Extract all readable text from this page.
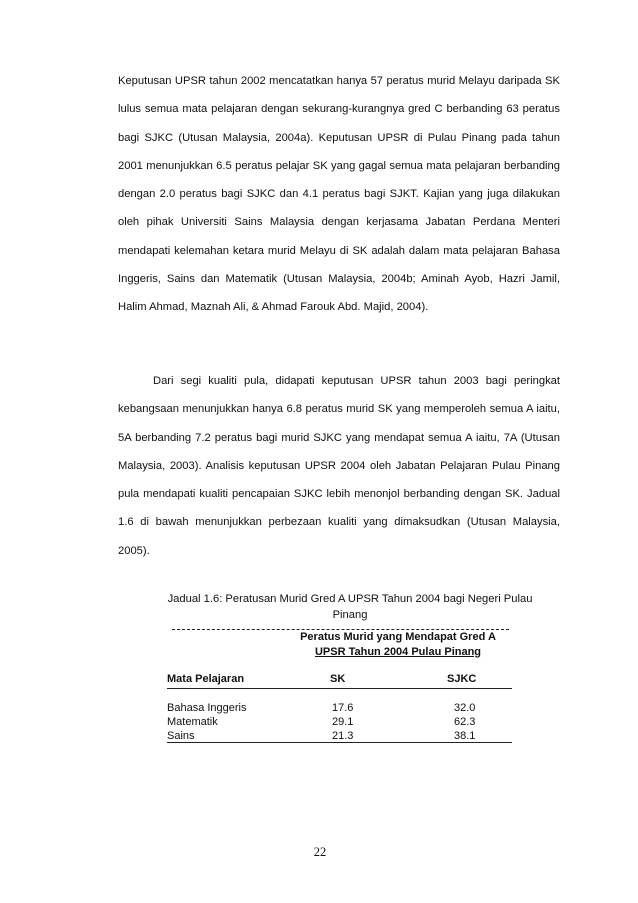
Keputusan UPSR tahun 2002 mencatatkan hanya 57 peratus murid Melayu daripada SK lulus semua mata pelajaran dengan sekurang-kurangnya gred C berbanding 63 peratus bagi SJKC (Utusan Malaysia, 2004a). Keputusan UPSR di Pulau Pinang pada tahun 2001 menunjukkan 6.5 peratus pelajar SK yang gagal semua mata pelajaran berbanding dengan 2.0 peratus bagi SJKC dan 4.1 peratus bagi SJKT. Kajian yang juga dilakukan oleh pihak Universiti Sains Malaysia dengan kerjasama Jabatan Perdana Menteri mendapati kelemahan ketara murid Melayu di SK adalah dalam mata pelajaran Bahasa Inggeris, Sains dan Matematik (Utusan Malaysia, 2004b; Aminah Ayob, Hazri Jamil, Halim Ahmad, Maznah Ali, & Ahmad Farouk Abd. Majid, 2004).

Dari segi kualiti pula, didapati keputusan UPSR tahun 2003 bagi peringkat kebangsaan menunjukkan hanya 6.8 peratus murid SK yang memperoleh semua A iaitu, 5A berbanding 7.2 peratus bagi murid SJKC yang mendapat semua A iaitu, 7A (Utusan Malaysia, 2003). Analisis keputusan UPSR 2004 oleh Jabatan Pelajaran Pulau Pinang pula mendapati kualiti pencapaian SJKC lebih menonjol berbanding dengan SK. Jadual 1.6 di bawah menunjukkan perbezaan kualiti yang dimaksudkan (Utusan Malaysia, 2005).

Jadual 1.6: Peratusan Murid Gred A UPSR Tahun 2004 bagi Negeri Pulau Pinang

Peratus Murid yang Mendapat Gred A
UPSR Tahun 2004 Pulau Pinang
Mata Pelajaran	SK	SJKC
Bahasa Inggeris	17.6	32.0
Matematik	29.1	62.3
Sains	21.3	38.1
22
